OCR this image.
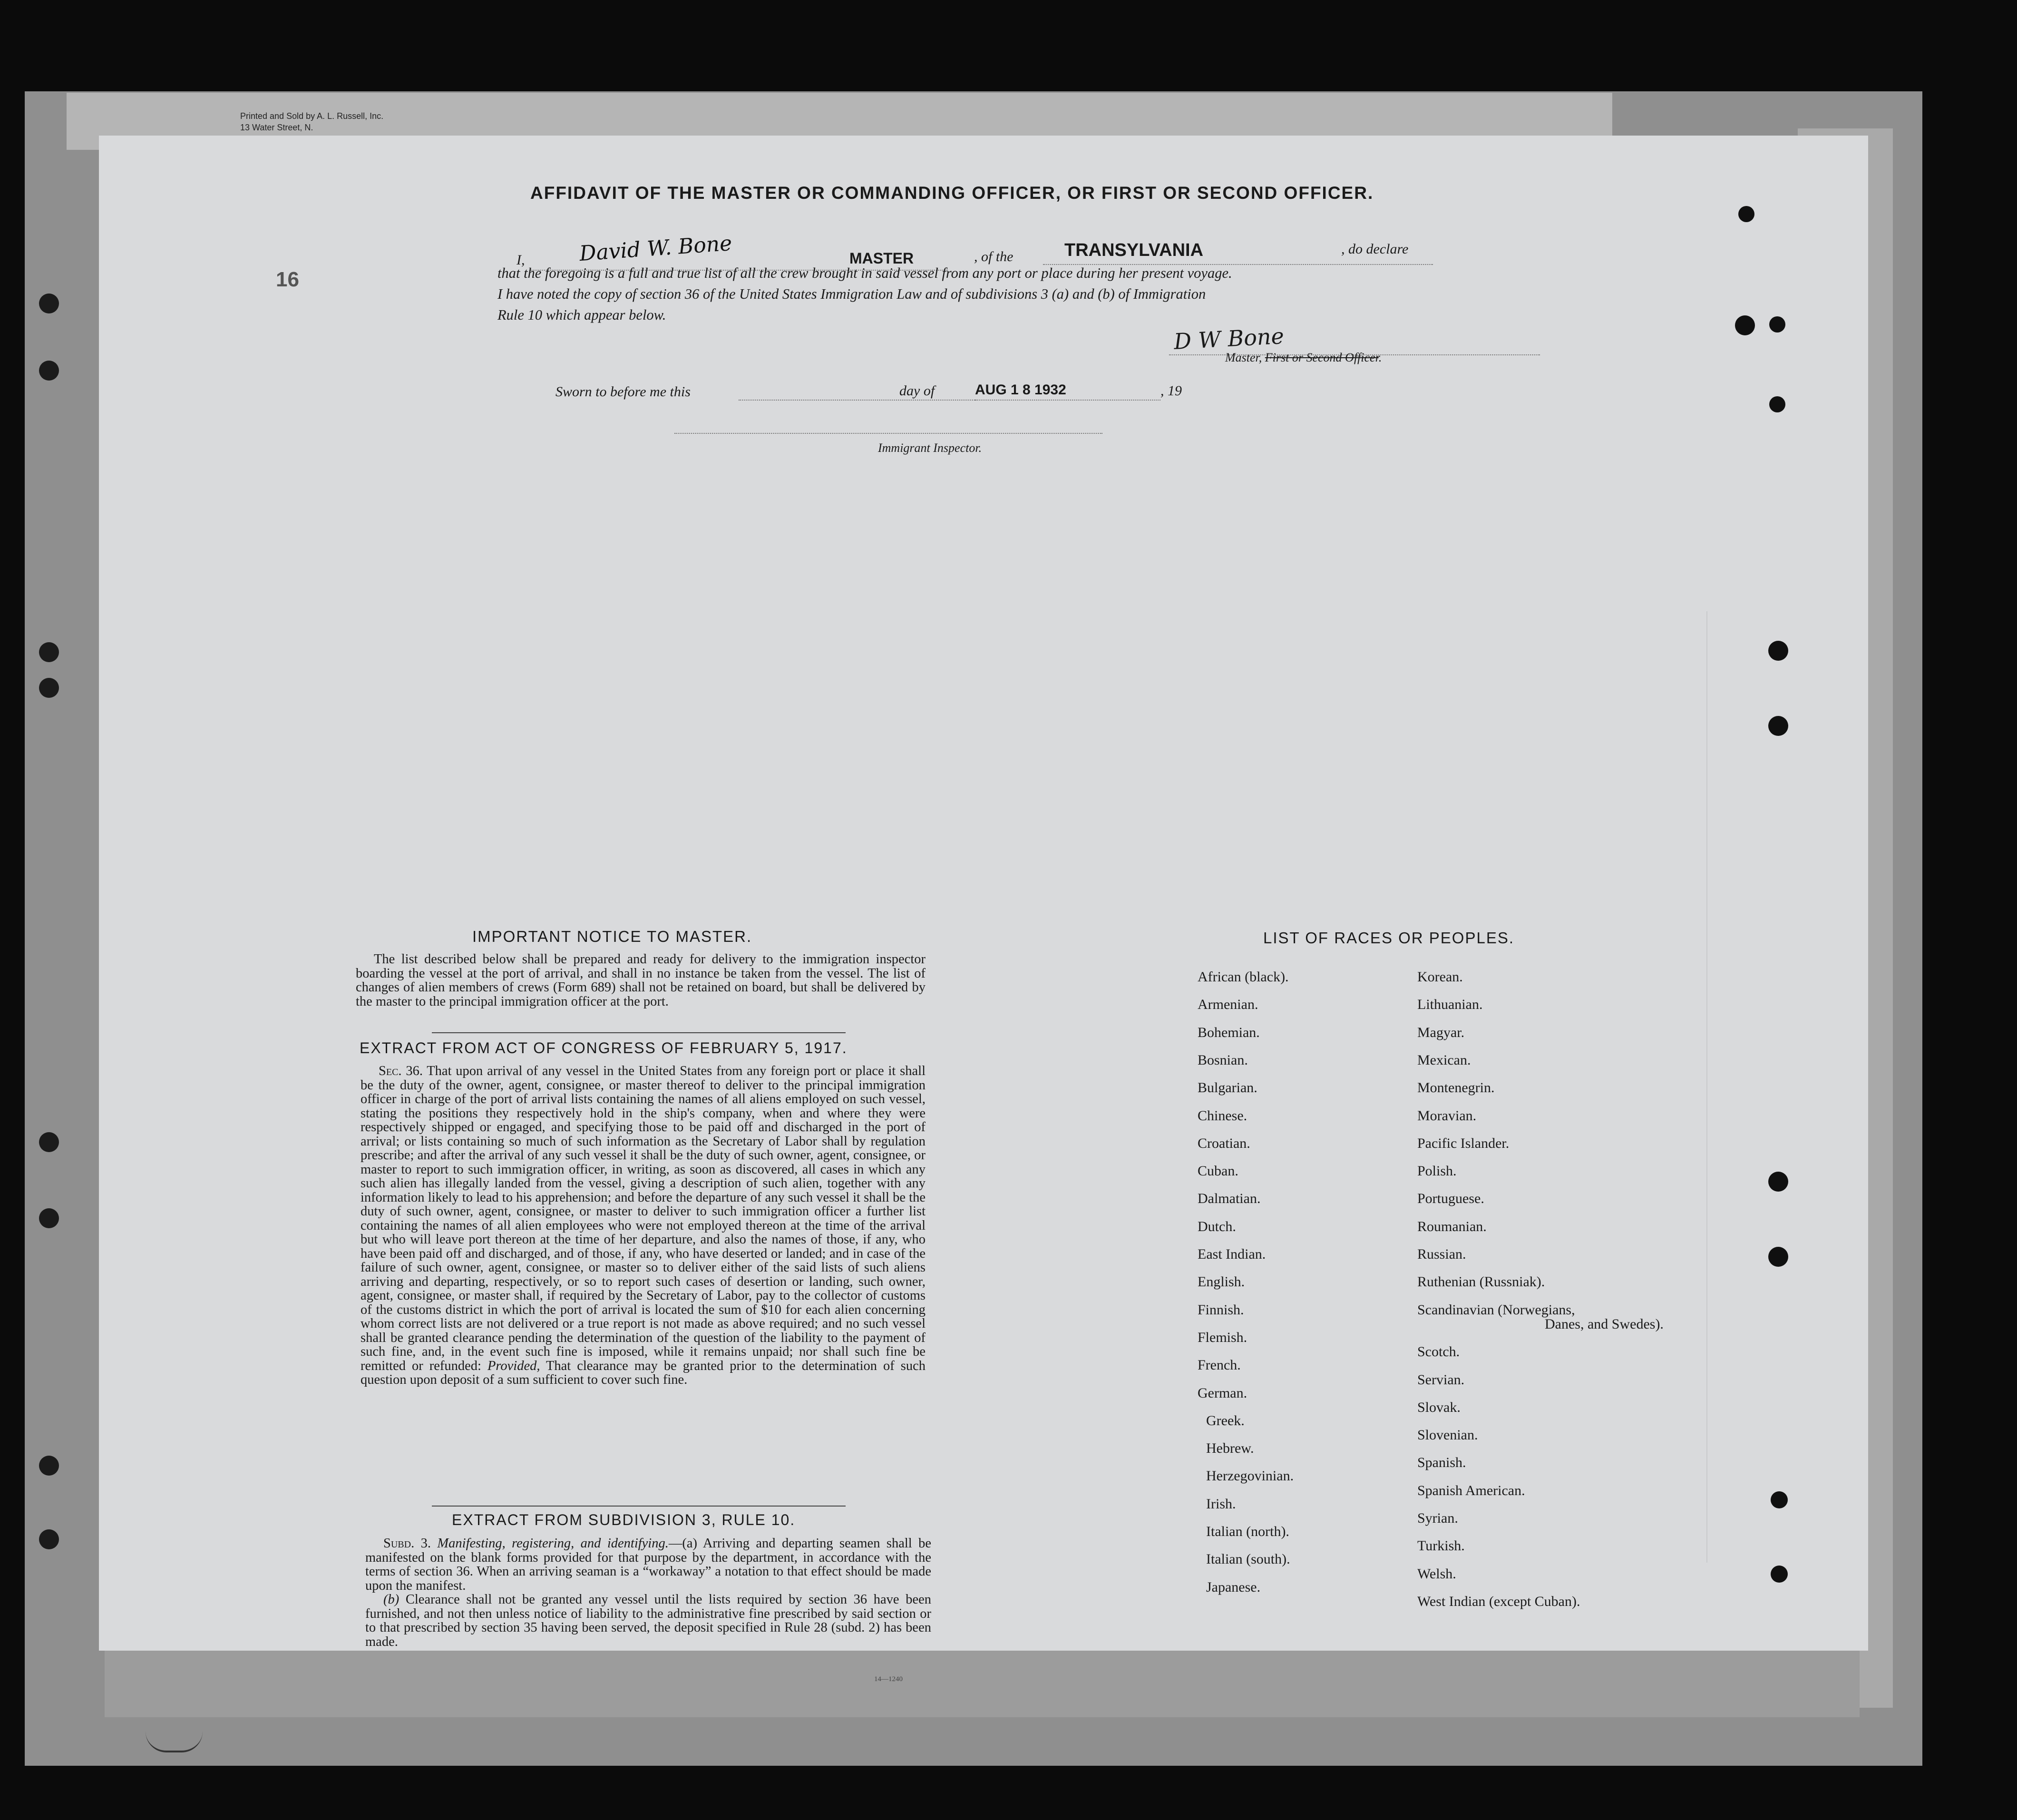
Printed and Sold by A. L. Russell, Inc.
13 Water Street, N.
16
AFFIDAVIT OF THE MASTER OR COMMANDING OFFICER, OR FIRST OR SECOND OFFICER.
I,	David W. Bone	MASTER	, of the	TRANSYLVANIA	, do declare
that the foregoing is a full and true list of all the crew brought in said vessel from any port or place during her present voyage.
I have noted the copy of section 36 of the United States Immigration Law and of subdivisions 3 (a) and (b) of Immigration
Rule 10 which appear below.
D W Bone
Master, First or Second Officer.
Sworn to before me this	day of	AUG 1 8 1932	, 19
Immigrant Inspector.
IMPORTANT NOTICE TO MASTER.

The list described below shall be prepared and ready for delivery to the immigration inspector boarding the vessel at the port of arrival, and shall in no instance be taken from the vessel. The list of changes of alien members of crews (Form 689) shall not be retained on board, but shall be delivered by the master to the principal immigration officer at the port.

EXTRACT FROM ACT OF CONGRESS OF FEBRUARY 5, 1917.

Sec. 36. That upon arrival of any vessel in the United States from any foreign port or place it shall be the duty of the owner, agent, consignee, or master thereof to deliver to the principal immigration officer in charge of the port of arrival lists containing the names of all aliens employed on such vessel, stating the positions they respectively hold in the ship's company, when and where they were respectively shipped or engaged, and specifying those to be paid off and discharged in the port of arrival; or lists containing so much of such information as the Secretary of Labor shall by regulation prescribe; and after the arrival of any such vessel it shall be the duty of such owner, agent, consignee, or master to report to such immigration officer, in writing, as soon as discovered, all cases in which any such alien has illegally landed from the vessel, giving a description of such alien, together with any information likely to lead to his apprehension; and before the departure of any such vessel it shall be the duty of such owner, agent, consignee, or master to deliver to such immigration officer a further list containing the names of all alien employees who were not employed thereon at the time of the arrival but who will leave port thereon at the time of her departure, and also the names of those, if any, who have been paid off and discharged, and of those, if any, who have deserted or landed; and in case of the failure of such owner, agent, consignee, or master so to deliver either of the said lists of such aliens arriving and departing, respectively, or so to report such cases of desertion or landing, such owner, agent, consignee, or master shall, if required by the Secretary of Labor, pay to the collector of customs of the customs district in which the port of arrival is located the sum of $10 for each alien concerning whom correct lists are not delivered or a true report is not made as above required; and no such vessel shall be granted clearance pending the determination of the question of the liability to the payment of such fine, and, in the event such fine is imposed, while it remains unpaid; nor shall such fine be remitted or refunded: Provided, That clearance may be granted prior to the determination of such question upon deposit of a sum sufficient to cover such fine.

EXTRACT FROM SUBDIVISION 3, RULE 10.

Subd. 3. Manifesting, registering, and identifying.—(a) Arriving and departing seamen shall be manifested on the blank forms provided for that purpose by the department, in accordance with the terms of section 36. When an arriving seaman is a “workaway” a notation to that effect should be made upon the manifest.

(b) Clearance shall not be granted any vessel until the lists required by section 36 have been furnished, and not then unless notice of liability to the administrative fine prescribed by said section or to that prescribed by section 35 having been served, the deposit specified in Rule 28 (subd. 2) has been made.

14—1240
LIST OF RACES OR PEOPLES.
African (black).
Armenian.
Bohemian.
Bosnian.
Bulgarian.
Chinese.
Croatian.
Cuban.
Dalmatian.
Dutch.
East Indian.
English.
Finnish.
Flemish.
French.
German.
Greek.
Hebrew.
Herzegovinian.
Irish.
Italian (north).
Italian (south).
Japanese.
Korean.
Lithuanian.
Magyar.
Mexican.
Montenegrin.
Moravian.
Pacific Islander.
Polish.
Portuguese.
Roumanian.
Russian.
Ruthenian (Russniak).
Scandinavian (Norwegians,
Danes, and Swedes).
Scotch.
Servian.
Slovak.
Slovenian.
Spanish.
Spanish American.
Syrian.
Turkish.
Welsh.
West Indian (except Cuban).
